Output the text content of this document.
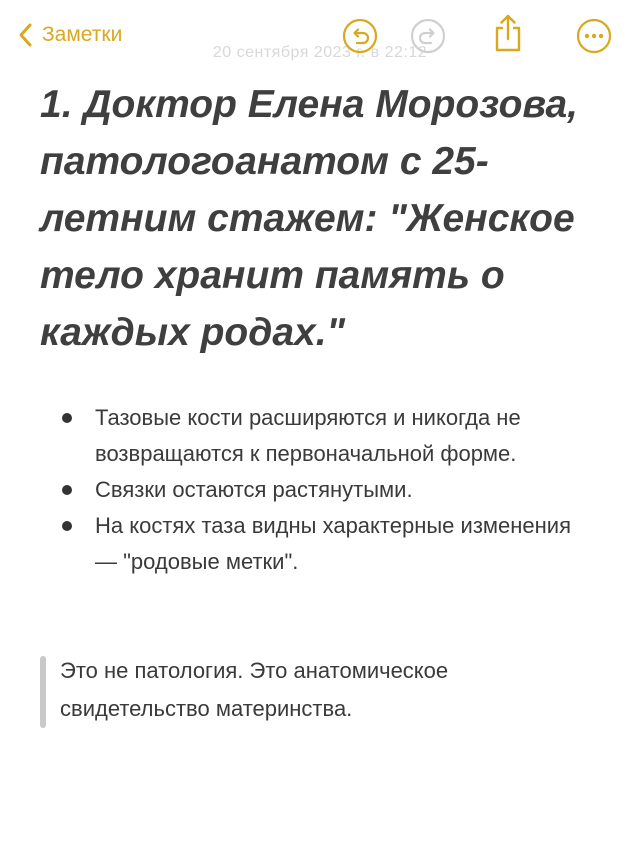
20 сентября 2023 г. в 22:12
Заметки
1. Доктор Елена Морозова, патологоанатом с 25-летним стажем: "Женское тело хранит память о каждых родах."
Тазовые кости расширяются и никогда не возвращаются к первоначальной форме.
Связки остаются растянутыми.
На костях таза видны характерные изменения — "родовые метки".

Это не патология. Это анатомическое свидетельство материнства.
